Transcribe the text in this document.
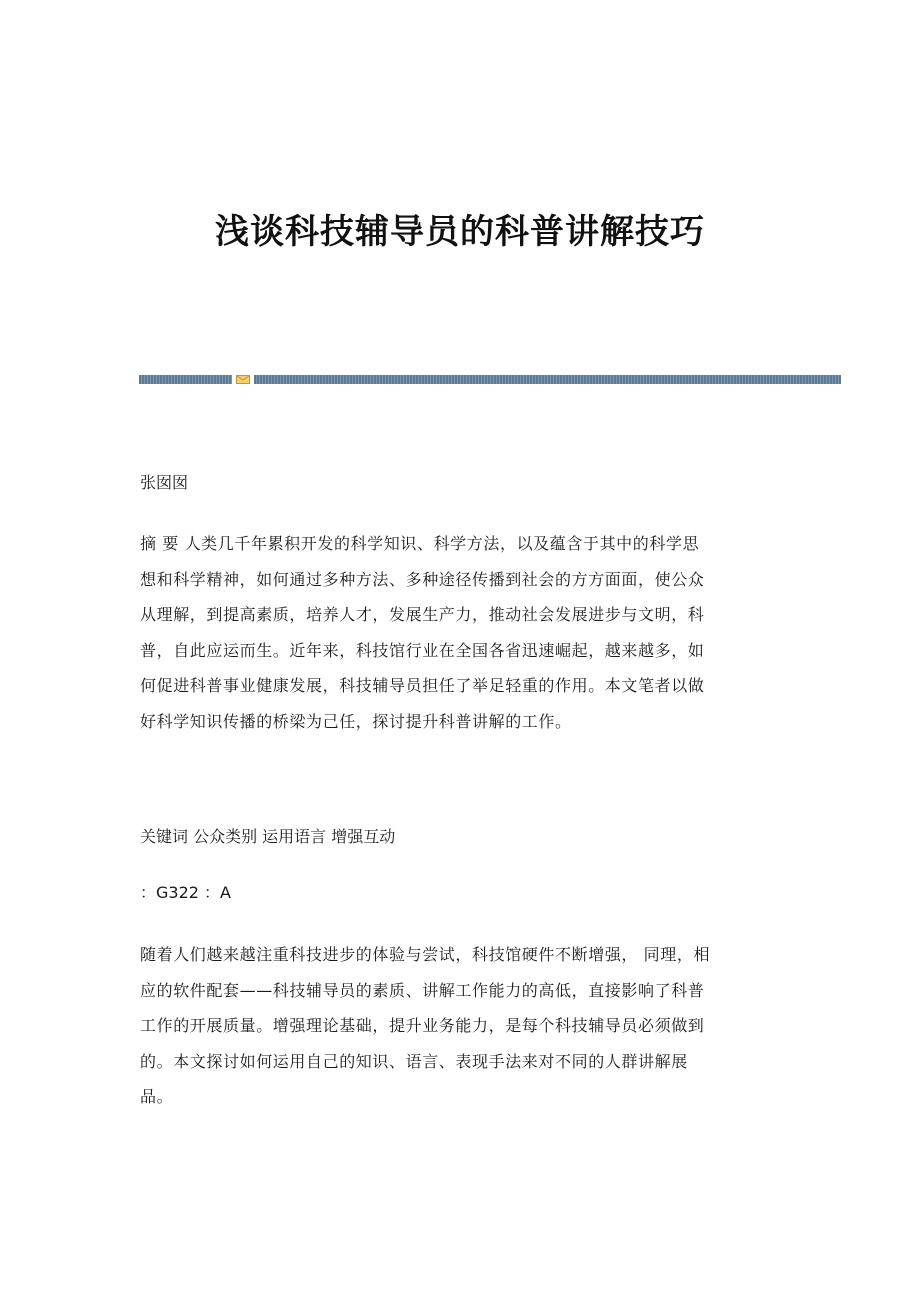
浅谈科技辅导员的科普讲解技巧
张囡囡
摘 要 人类几千年累积开发的科学知识、科学方法，以及蕴含于其中的科学思
想和科学精神，如何通过多种方法、多种途径传播到社会的方方面面，使公众
从理解，到提高素质，培养人才，发展生产力，推动社会发展进步与文明，科
普，自此应运而生。近年来，科技馆行业在全国各省迅速崛起，越来越多，如
何促进科普事业健康发展，科技辅导员担任了举足轻重的作用。本文笔者以做
好科学知识传播的桥梁为己任，探讨提升科普讲解的工作。
关键词 公众类别 运用语言 增强互动
：G322 ：A
随着人们越来越注重科技进步的体验与尝试，科技馆硬件不断增强， 同理，相
应的软件配套——科技辅导员的素质、讲解工作能力的高低，直接影响了科普
工作的开展质量。增强理论基础，提升业务能力，是每个科技辅导员必须做到
的。本文探讨如何运用自己的知识、语言、表现手法来对不同的人群讲解展
品。
